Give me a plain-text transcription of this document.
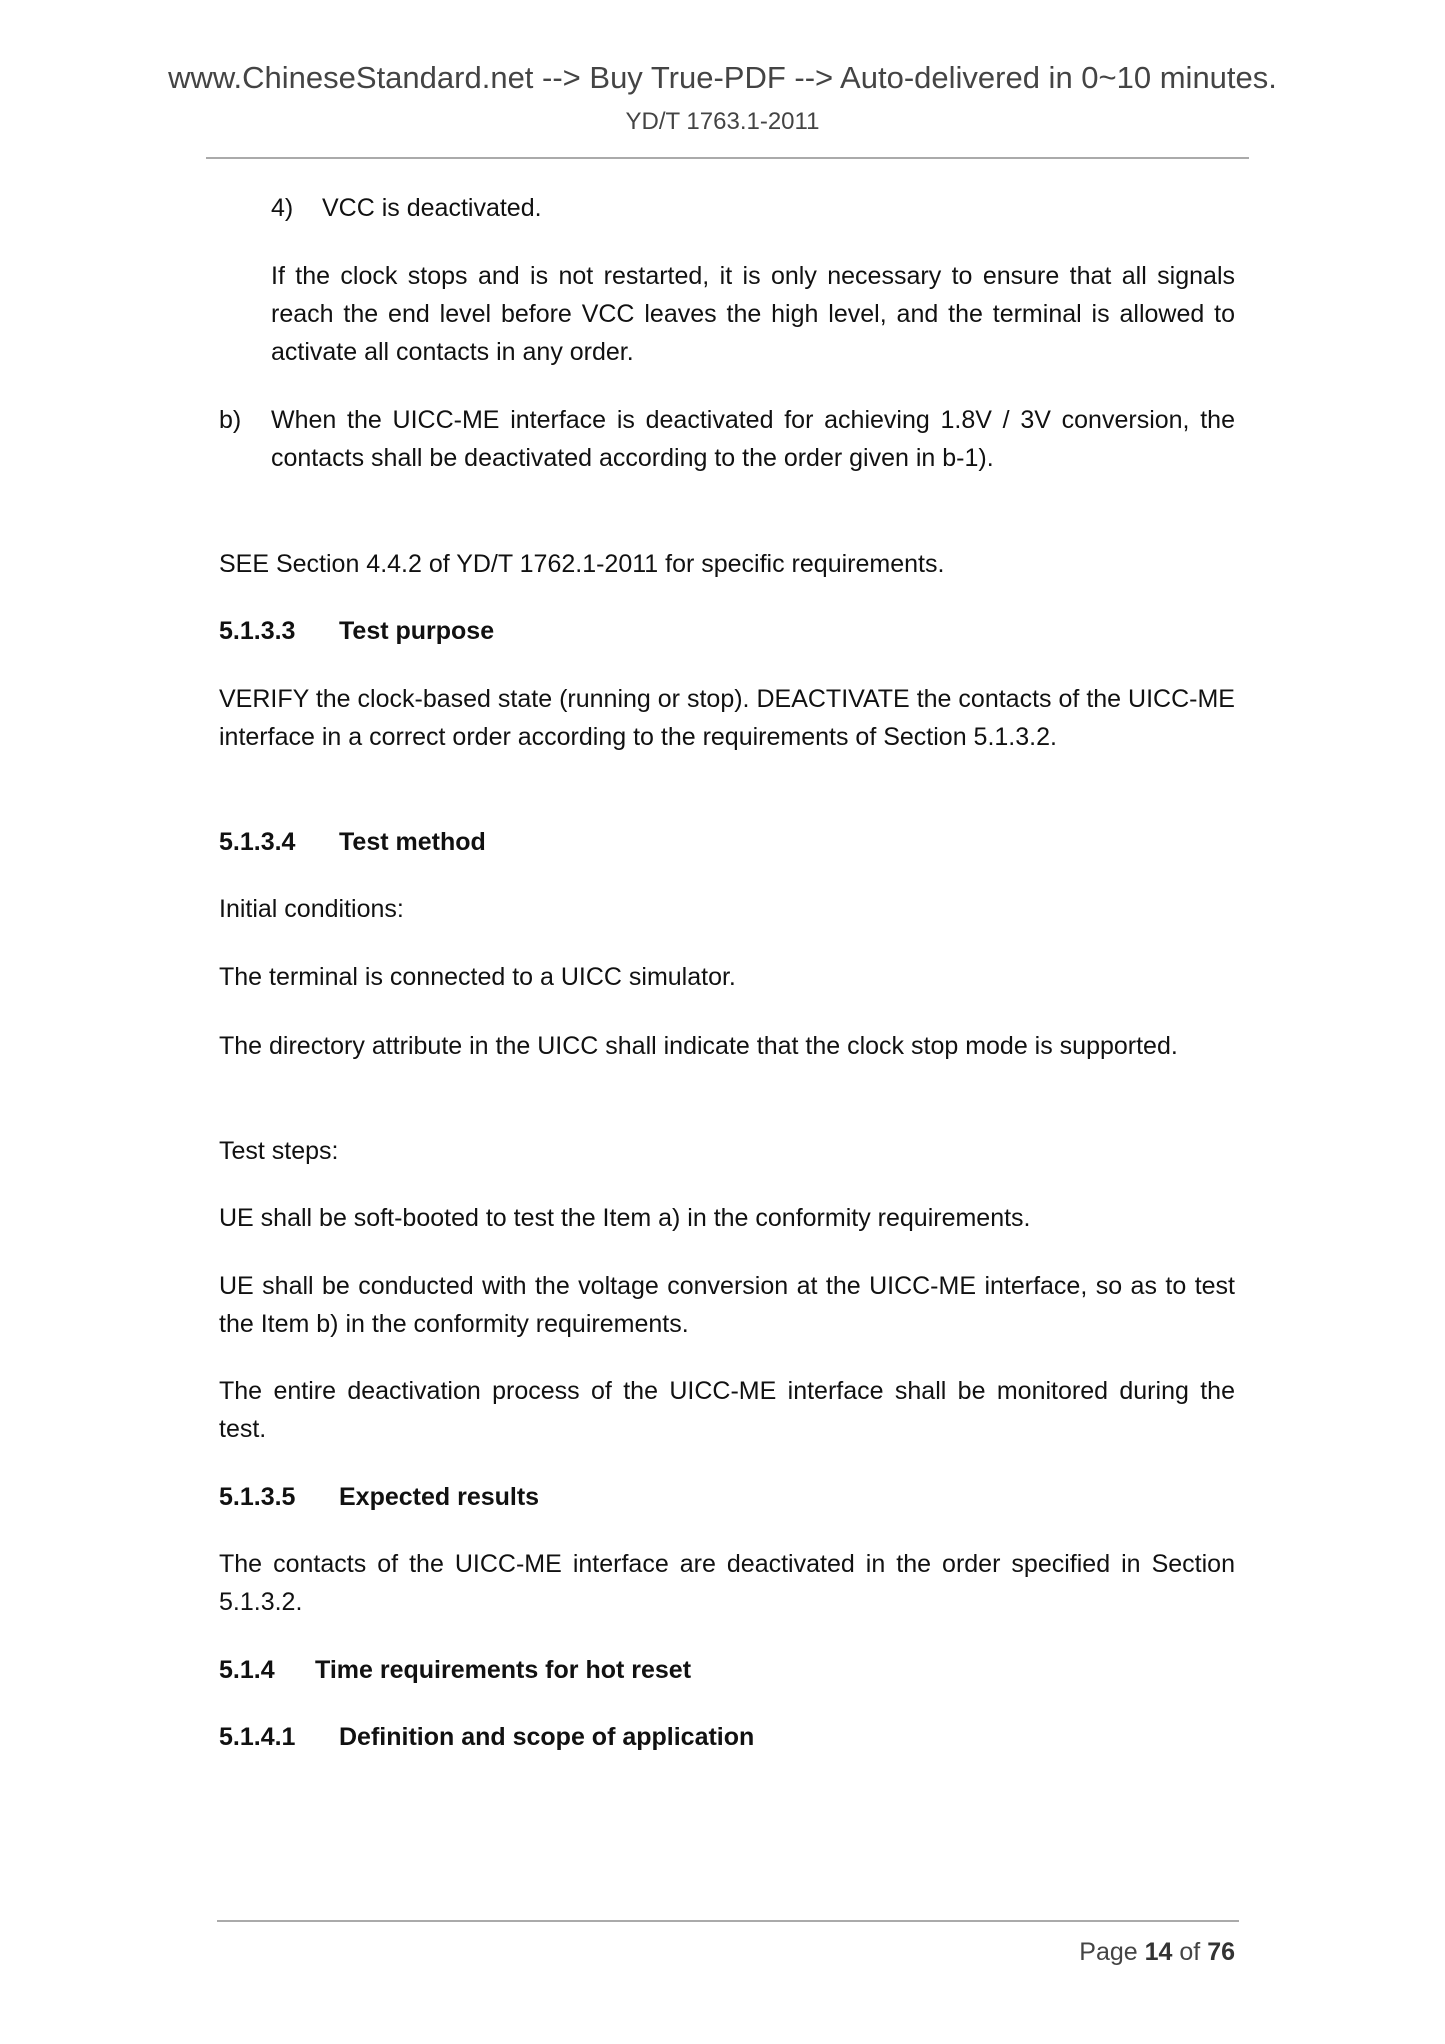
www.ChineseStandard.net --> Buy True-PDF --> Auto-delivered in 0~10 minutes.
YD/T 1763.1-2011
4) VCC is deactivated.
If the clock stops and is not restarted, it is only necessary to ensure that all signals reach the end level before VCC leaves the high level, and the terminal is allowed to activate all contacts in any order.
b) When the UICC-ME interface is deactivated for achieving 1.8V / 3V conversion, the contacts shall be deactivated according to the order given in b-1).
SEE Section 4.4.2 of YD/T 1762.1-2011 for specific requirements.
5.1.3.3 Test purpose
VERIFY the clock-based state (running or stop). DEACTIVATE the contacts of the UICC-ME interface in a correct order according to the requirements of Section 5.1.3.2.
5.1.3.4 Test method
Initial conditions:
The terminal is connected to a UICC simulator.
The directory attribute in the UICC shall indicate that the clock stop mode is supported.
Test steps:
UE shall be soft-booted to test the Item a) in the conformity requirements.
UE shall be conducted with the voltage conversion at the UICC-ME interface, so as to test the Item b) in the conformity requirements.
The entire deactivation process of the UICC-ME interface shall be monitored during the test.
5.1.3.5 Expected results
The contacts of the UICC-ME interface are deactivated in the order specified in Section 5.1.3.2.
5.1.4 Time requirements for hot reset
5.1.4.1 Definition and scope of application
Page 14 of 76
